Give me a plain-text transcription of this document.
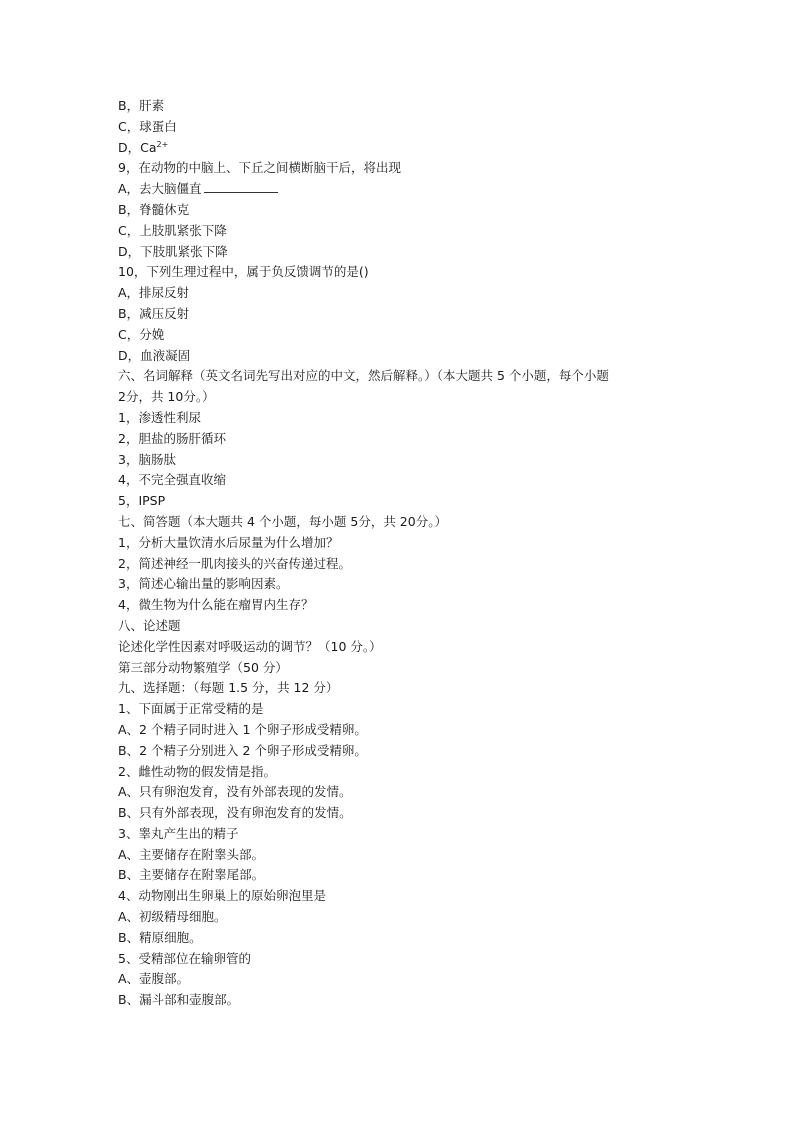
B，肝素
C，球蛋白
D，$Ca^{2+}$
9，在动物的中脑上、下丘之间横断脑干后，将出现
A，去大脑僵直
B，脊髓休克
C，上肢肌紧张下降
D，下肢肌紧张下降
10，下列生理过程中，属于负反馈调节的是()
A，排尿反射
B，减压反射
C，分娩
D，血液凝固
六、名词解释（英文名词先写出对应的中文，然后解释。）（本大题共 5 个小题，每个小题
2分，共 10分。）
1，渗透性利尿
2，胆盐的肠肝循环
3，脑肠肽
4，不完全强直收缩
5，IPSP
七、简答题（本大题共 4 个小题，每小题 5分，共 20分。）
1，分析大量饮清水后尿量为什么增加？
2，简述神经一肌肉接头的兴奋传递过程。
3，简述心输出量的影响因素。
4，微生物为什么能在瘤胃内生存？
八、论述题
论述化学性因素对呼吸运动的调节？（10 分。）
第三部分动物繁殖学（50 分）
九、选择题：（每题 1.5 分，共 12 分）
1、下面属于正常受精的是
A、2 个精子同时进入 1 个卵子形成受精卵。
B、2 个精子分别进入 2 个卵子形成受精卵。
2、雌性动物的假发情是指。
A、只有卵泡发育，没有外部表现的发情。
B、只有外部表现，没有卵泡发育的发情。
3、睾丸产生出的精子
A、主要储存在附睾头部。
B、主要储存在附睾尾部。
4、动物刚出生卵巢上的原始卵泡里是
A、初级精母细胞。
B、精原细胞。
5、受精部位在输卵管的
A、壶腹部。
B、漏斗部和壶腹部。
